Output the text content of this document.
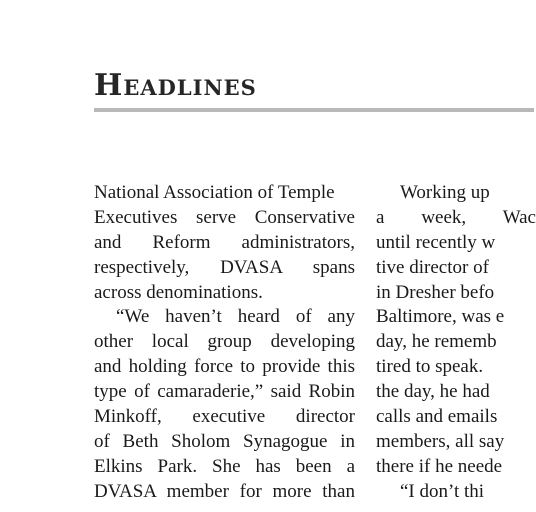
Headlines
National Association of Temple
Executives serve Conservative
and Reform administrators,
respectively, DVASA spans
across denominations.
“We haven’t heard of any
other local group developing
and holding force to provide this
type of camaraderie,” said Robin
Minkoff, executive director
of Beth Sholom Synagogue in
Elkins Park. She has been a
DVASA member for more than
Working up
a week, Wac
until recently w
tive director of
in Dresher befo
Baltimore, was e
day, he rememb
tired to speak.
the day, he had
calls and emails
members, all say
there if he neede
“I don’t thi
